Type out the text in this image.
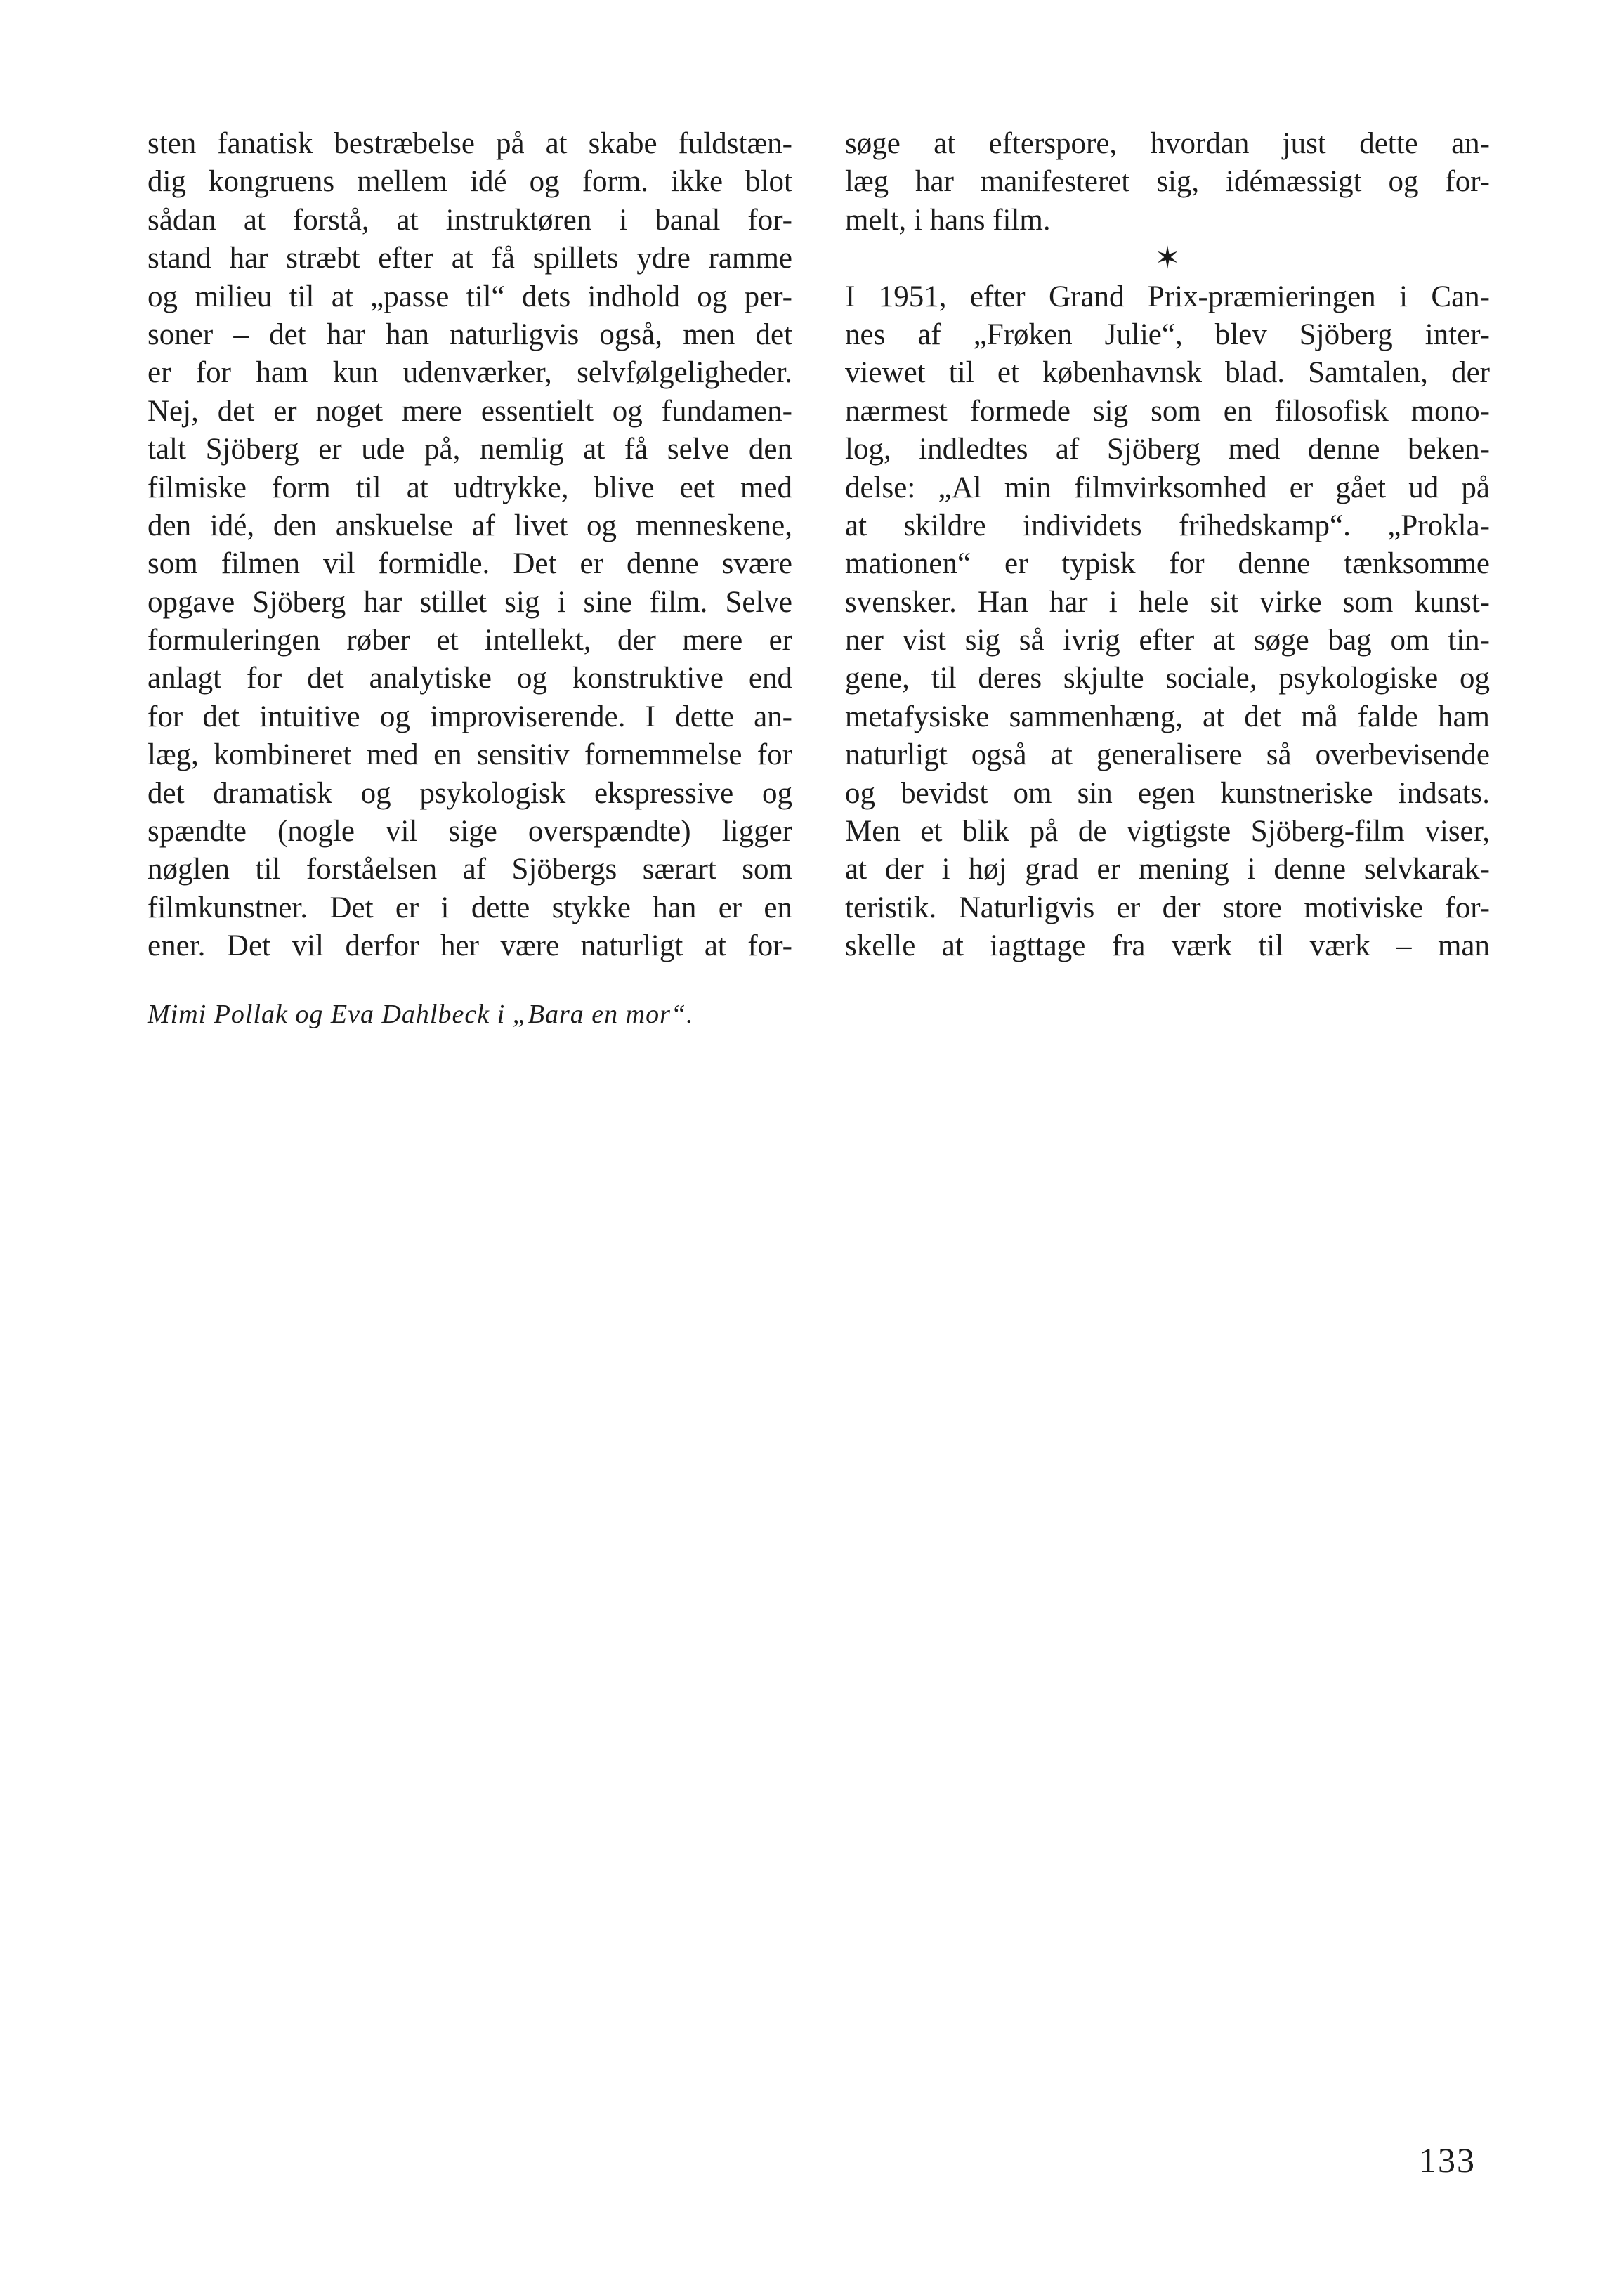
sten fanatisk bestræbelse på at skabe fuldstæn-
dig kongruens mellem idé og form. ikke blot
sådan at forstå, at instruktøren i banal for-
stand har stræbt efter at få spillets ydre ramme
og milieu til at „passe til“ dets indhold og per-
soner – det har han naturligvis også, men det
er for ham kun udenværker, selvfølgeligheder.
Nej, det er noget mere essentielt og fundamen-
talt Sjöberg er ude på, nemlig at få selve den
filmiske form til at udtrykke, blive eet med
den idé, den anskuelse af livet og menneskene,
som filmen vil formidle. Det er denne svære
opgave Sjöberg har stillet sig i sine film. Selve
formuleringen røber et intellekt, der mere er
anlagt for det analytiske og konstruktive end
for det intuitive og improviserende. I dette an-
læg, kombineret med en sensitiv fornemmelse for
det dramatisk og psykologisk ekspressive og
spændte (nogle vil sige overspændte) ligger
nøglen til forståelsen af Sjöbergs særart som
filmkunstner. Det er i dette stykke han er en
ener. Det vil derfor her være naturligt at for-
søge at efterspore, hvordan just dette an-
læg har manifesteret sig, idémæssigt og for-
melt, i hans film.
✶
I 1951, efter Grand Prix-præmieringen i Can-
nes af „Frøken Julie“, blev Sjöberg inter-
viewet til et københavnsk blad. Samtalen, der
nærmest formede sig som en filosofisk mono-
log, indledtes af Sjöberg med denne beken-
delse: „Al min filmvirksomhed er gået ud på
at skildre individets frihedskamp“. „Prokla-
mationen“ er typisk for denne tænksomme
svensker. Han har i hele sit virke som kunst-
ner vist sig så ivrig efter at søge bag om tin-
gene, til deres skjulte sociale, psykologiske og
metafysiske sammenhæng, at det må falde ham
naturligt også at generalisere så overbevisende
og bevidst om sin egen kunstneriske indsats.
Men et blik på de vigtigste Sjöberg-film viser,
at der i høj grad er mening i denne selvkarak-
teristik. Naturligvis er der store motiviske for-
skelle at iagttage fra værk til værk – man
Mimi Pollak og Eva Dahlbeck i „Bara en mor“.
133
